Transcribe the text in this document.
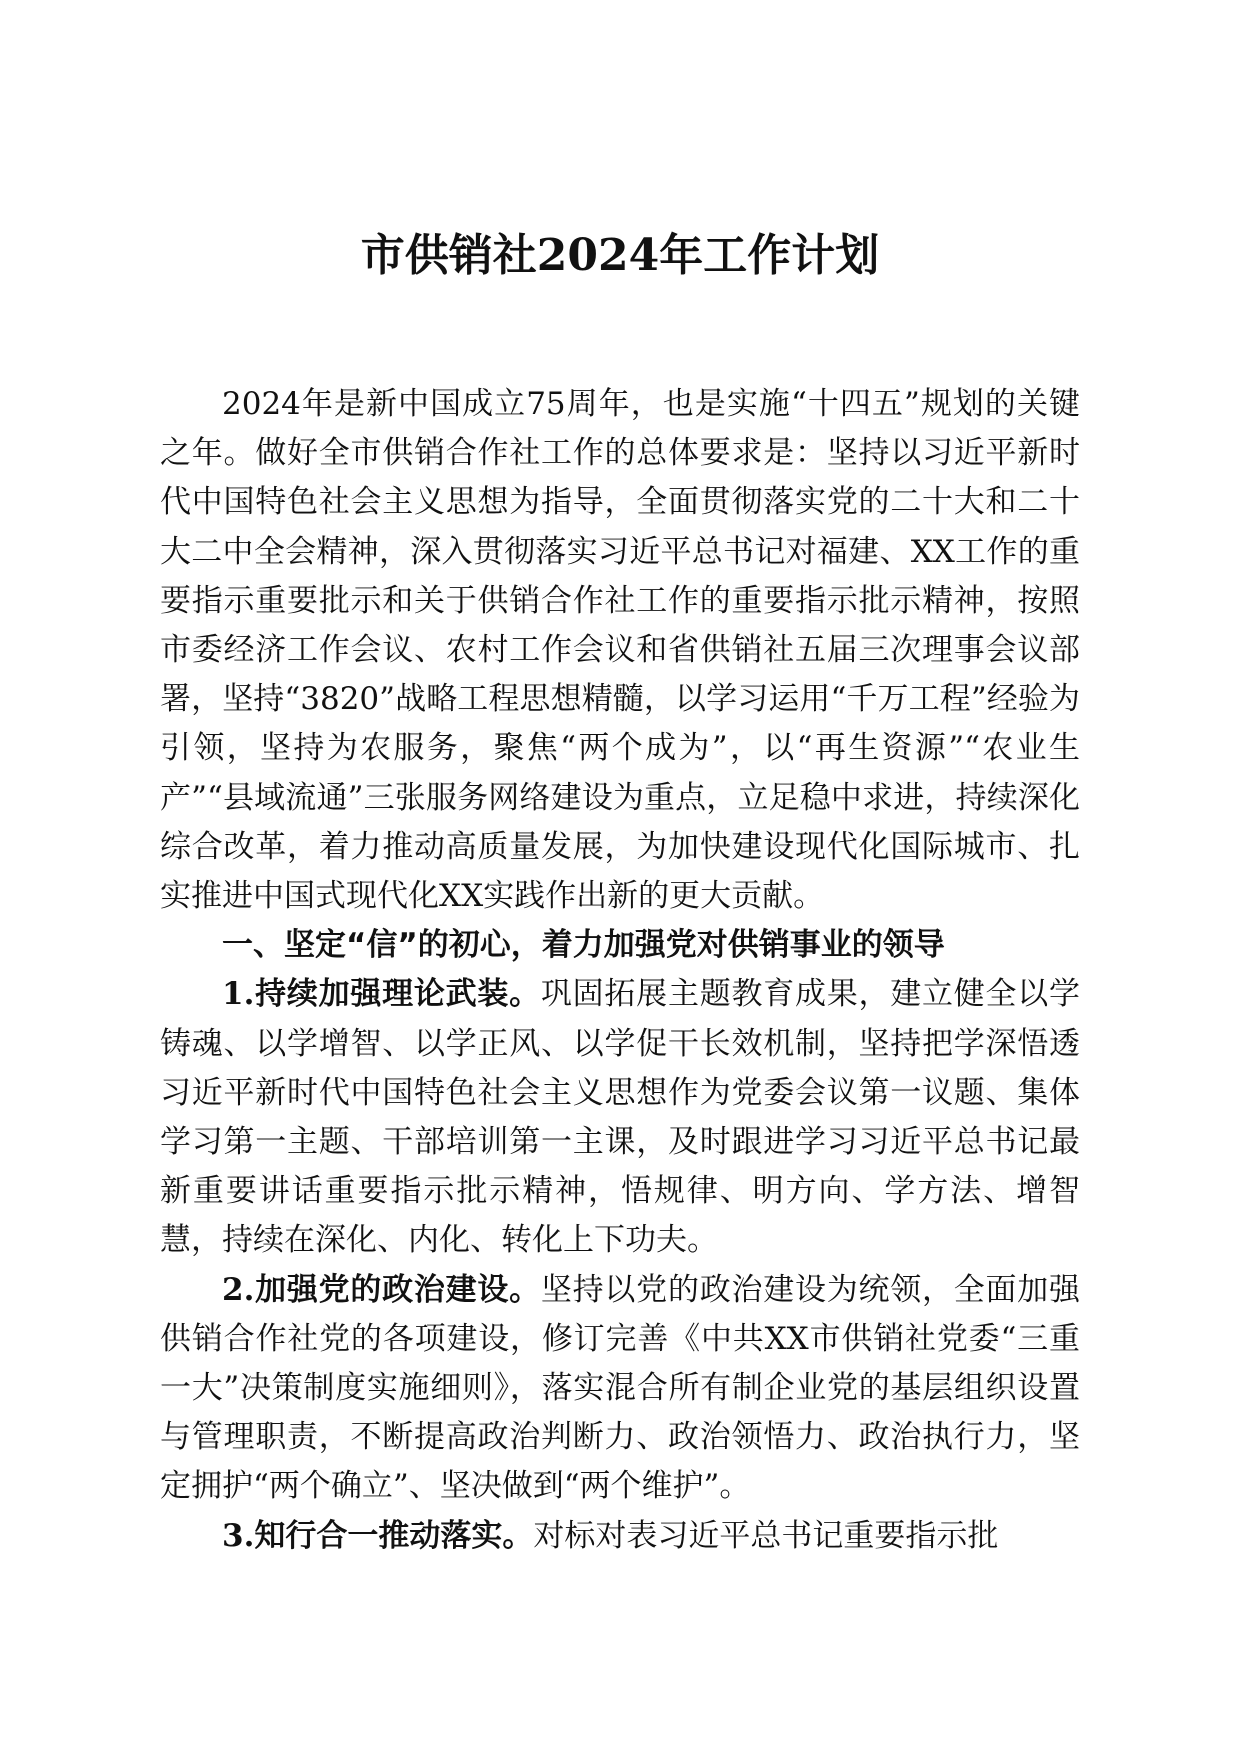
市供销社2024年工作计划

2024年是新中国成立75周年，也是实施“十四五”规划的关键之年。做好全市供销合作社工作的总体要求是：坚持以习近平新时代中国特色社会主义思想为指导，全面贯彻落实党的二十大和二十大二中全会精神，深入贯彻落实习近平总书记对福建、XX工作的重要指示重要批示和关于供销合作社工作的重要指示批示精神，按照市委经济工作会议、农村工作会议和省供销社五届三次理事会议部署，坚持“3820”战略工程思想精髓，以学习运用“千万工程”经验为引领，坚持为农服务，聚焦“两个成为”，以“再生资源”“农业生产”“县域流通”三张服务网络建设为重点，立足稳中求进，持续深化综合改革，着力推动高质量发展，为加快建设现代化国际城市、扎实推进中国式现代化XX实践作出新的更大贡献。

一、坚定“信”的初心，着力加强党对供销事业的领导

1.持续加强理论武装。巩固拓展主题教育成果，建立健全以学铸魂、以学增智、以学正风、以学促干长效机制，坚持把学深悟透习近平新时代中国特色社会主义思想作为党委会议第一议题、集体学习第一主题、干部培训第一主课，及时跟进学习习近平总书记最新重要讲话重要指示批示精神，悟规律、明方向、学方法、增智慧，持续在深化、内化、转化上下功夫。

2.加强党的政治建设。坚持以党的政治建设为统领，全面加强供销合作社党的各项建设，修订完善《中共XX市供销社党委“三重一大”决策制度实施细则》，落实混合所有制企业党的基层组织设置与管理职责，不断提高政治判断力、政治领悟力、政治执行力，坚定拥护“两个确立”、坚决做到“两个维护”。

3.知行合一推动落实。对标对表习近平总书记重要指示批
